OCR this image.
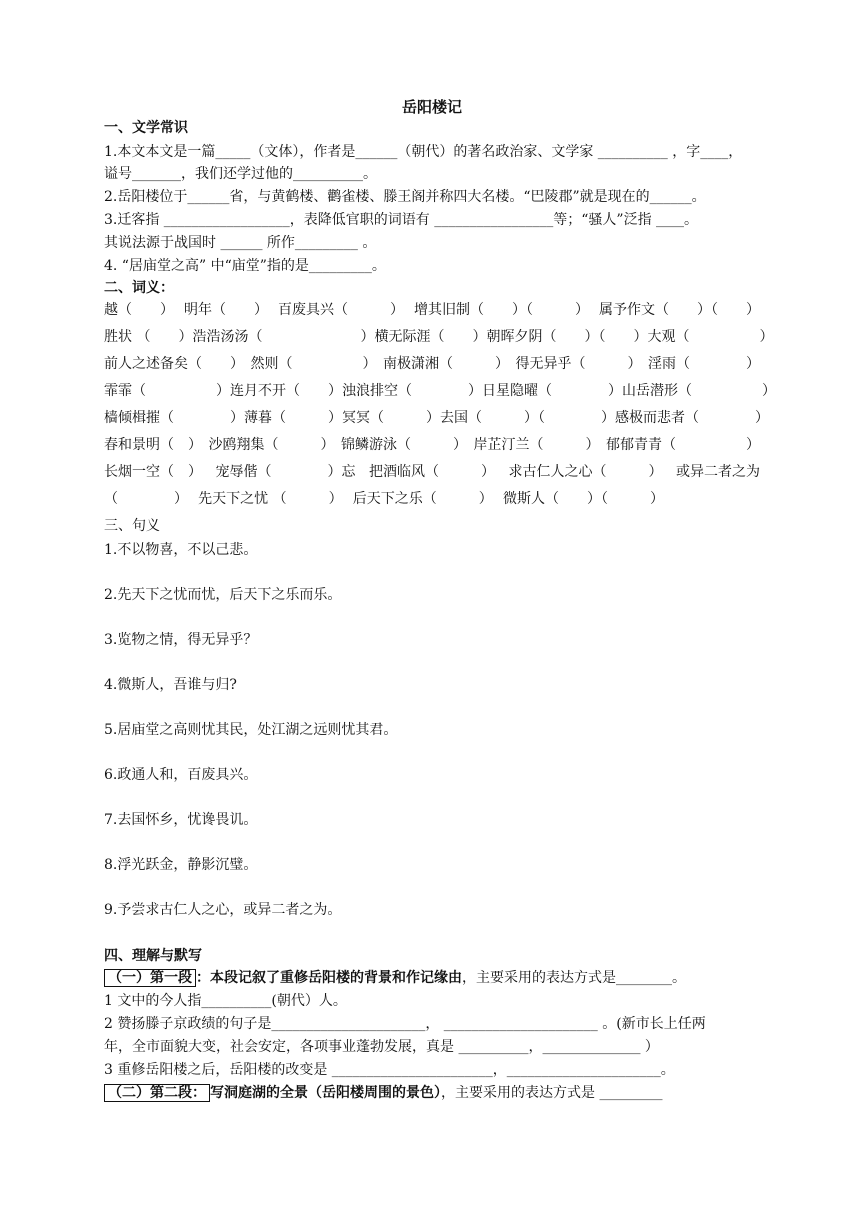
岳阳楼记
一、文学常识
1.本文本文是一篇_____（文体），作者是______（朝代）的著名政治家、文学家 __________ ，字____，
谥号_______，我们还学过他的__________。
2.岳阳楼位于______省，与黄鹤楼、鹳雀楼、滕王阁并称四大名楼。“巴陵郡”就是现在的______。
3.迁客指 __________________，表降低官职的词语有 _________________等；“骚人”泛指 ____。
其说法源于战国时 ______ 所作_________ 。
4. “居庙堂之高” 中“庙堂”指的是_________。
二、词义：
越（　　） 明年（　　） 百废具兴（　　　） 增其旧制（　　）（　　　） 属予作文（　　）（　　）
胜状 （　　） 浩浩汤汤（　　　　　　　） 横无际涯（　　） 朝晖夕阴（　　）（　　） 大观（　　　　　）
前人之述备矣（　　） 然则（　　　　　） 南极潇湘（　　　） 得无异乎（　　　） 淫雨（　　　　）
霏霏（　　　　　） 连月不开（　　） 浊浪排空（　　　　） 日星隐曜（　　　　） 山岳潜形（　　　　　）
樯倾楫摧（　　　　） 薄暮（　　　） 冥冥（　　　） 去国（　　　）（　　　　） 感极而悲者（　　　　）
春和景明（　） 沙鸥翔集（　　　） 锦鳞游泳（　　　） 岸芷汀兰（　　　） 郁郁青青（　　　　　）
长烟一空（　） 宠辱偕（　　　　）忘 把酒临风（　　　） 求古仁人之心（　　　） 或异二者之为
（　　　　） 先天下之忧 （　　　） 后天下之乐（　　　） 微斯人（　　）（　　　）
三、句义
1.不以物喜，不以己悲。
2.先天下之忧而忧，后天下之乐而乐。
3.览物之情，得无异乎？
4.微斯人，吾谁与归?
5.居庙堂之高则忧其民，处江湖之远则忧其君。
6.政通人和，百废具兴。
7.去国怀乡，忧谗畏讥。
8.浮光跃金，静影沉璧。
9.予尝求古仁人之心，或异二者之为。
四、理解与默写
（一）第一段 ：本段记叙了重修岳阳楼的背景和作记缘由，主要采用的表达方式是________。
1 文中的今人指__________(朝代）人。
2 赞扬滕子京政绩的句子是______________________， ______________________ 。(新市长上任两
年，全市面貌大变，社会安定，各项事业蓬勃发展，真是 __________，______________ ）
3 重修岳阳楼之后，岳阳楼的改变是 _______________________，______________________。
（二）第二段： 写洞庭湖的全景（岳阳楼周围的景色），主要采用的表达方式是 _________
